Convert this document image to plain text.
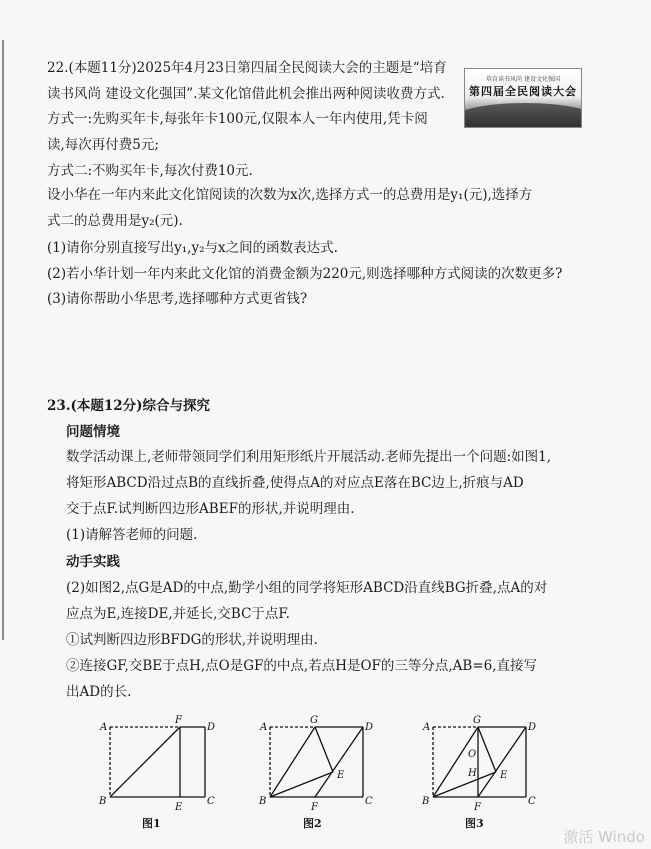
22.(本题11分)2025年4月23日第四届全民阅读大会的主题是“培育
读书风尚 建设文化强国”.某文化馆借此机会推出两种阅读收费方式.
方式一:先购买年卡,每张年卡100元,仅限本人一年内使用,凭卡阅
读,每次再付费5元;
方式二:不购买年卡,每次付费10元.
设小华在一年内来此文化馆阅读的次数为x次,选择方式一的总费用是y₁(元),选择方
式二的总费用是y₂(元).
(1)请你分别直接写出y₁,y₂与x之间的函数表达式.
(2)若小华计划一年内来此文化馆的消费金额为220元,则选择哪种方式阅读的次数更多?
(3)请你帮助小华思考,选择哪种方式更省钱?
培育读书风尚 建设文化强国
第四届全民阅读大会
23.(本题12分)综合与探究
问题情境
数学活动课上,老师带领同学们利用矩形纸片开展活动.老师先提出一个问题:如图1,
将矩形ABCD沿过点B的直线折叠,使得点A的对应点E落在BC边上,折痕与AD
交于点F.试判断四边形ABEF的形状,并说明理由.
(1)请解答老师的问题.
动手实践
(2)如图2,点G是AD的中点,勤学小组的同学将矩形ABCD沿直线BG折叠,点A的对
应点为E,连接DE,并延长,交BC于点F.
①试判断四边形BFDG的形状,并说明理由.
②连接GF,交BE于点H,点O是GF的中点,若点H是OF的三等分点,AB=6,直接写
出AD的长.
A
F
D
B
E
C
图1
A
G
D
E
B
F
C
图2
A
G
D
O
H E
B
F
C
图3
激活 Windo
